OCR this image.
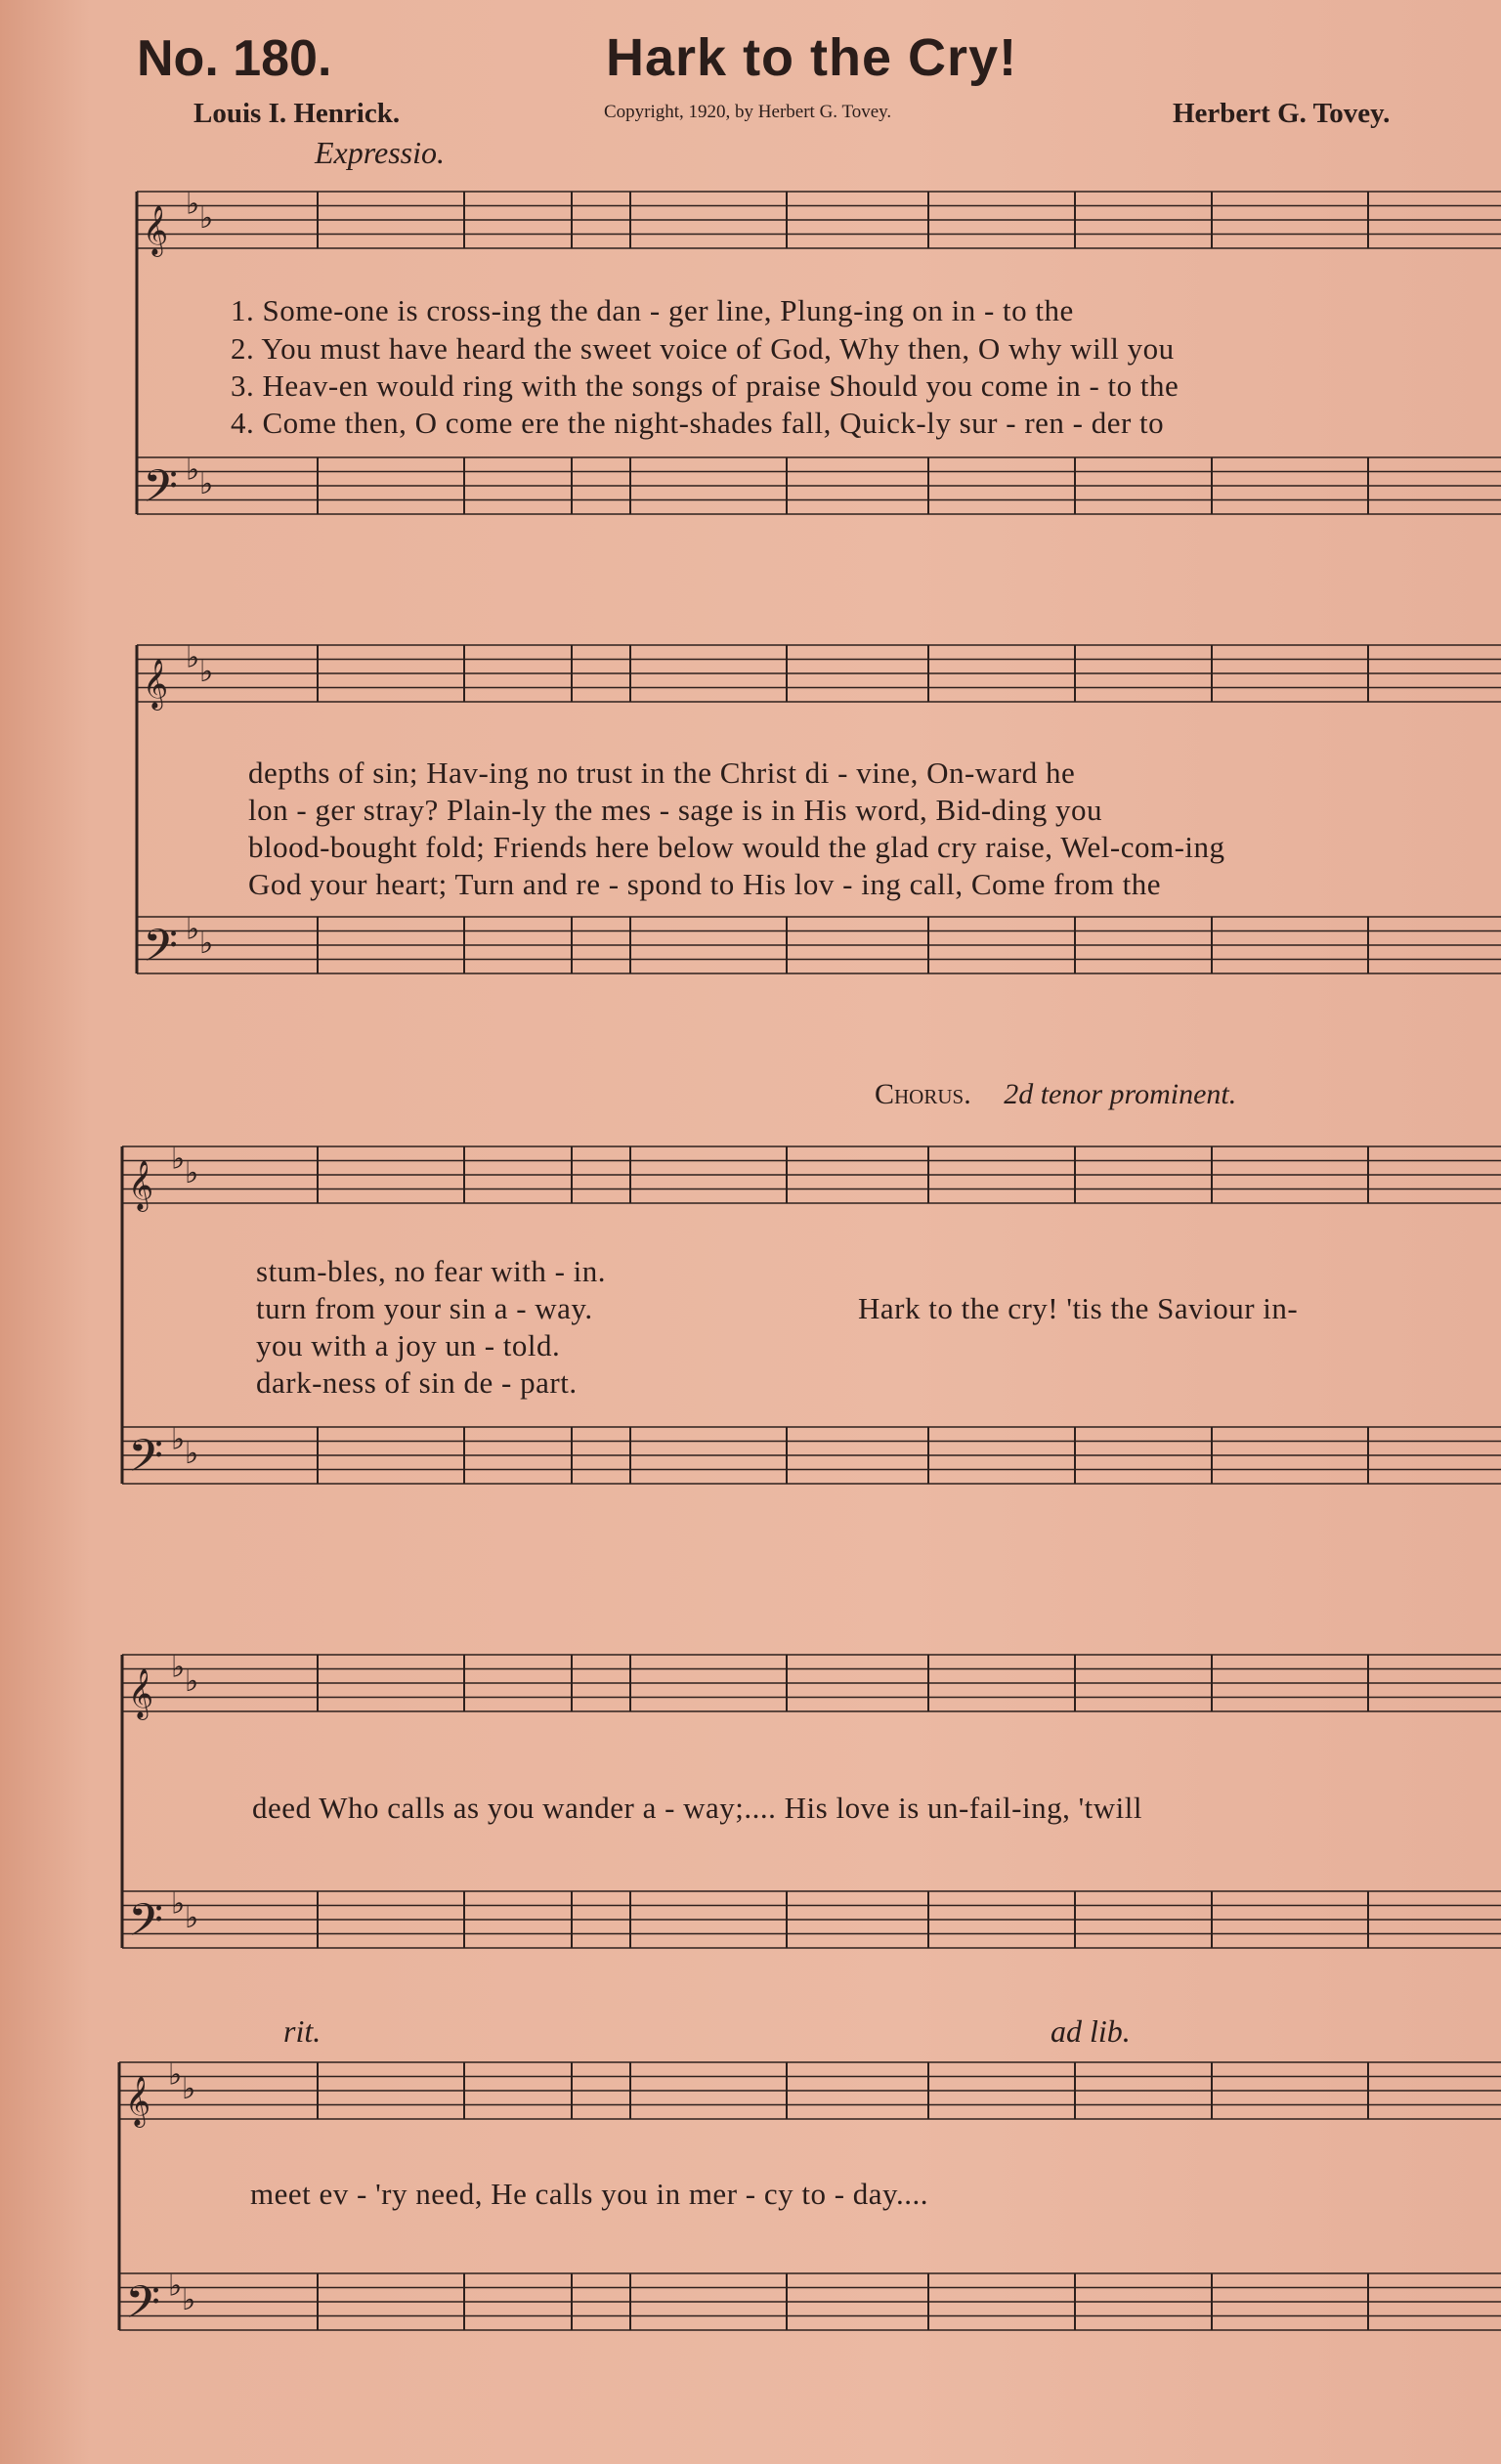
No. 180.	Hark to the Cry!
Louis I. Henrick.	Copyright, 1920, by Herbert G. Tovey.	Herbert G. Tovey.
Expressio.
Chorus. 2d tenor prominent.
rit.	ad lib.
𝄞
♭ ♭
𝄢 ♭ ♭
𝄞
♭ ♭
𝄢 ♭ ♭
𝄞
♭ ♭
𝄢 ♭ ♭
𝄞
♭ ♭
𝄢 ♭ ♭
𝄞
♭ ♭
𝄢 ♭ ♭
1. Some-one is cross-ing the dan - ger line, Plung-ing on in - to the
2. You must have heard the sweet voice of God, Why then, O why will you
3. Heav-en would ring with the songs of praise Should you come in - to the
4. Come then, O come ere the night-shades fall, Quick-ly sur - ren - der to
depths of sin; Hav-ing no trust in the Christ di - vine, On-ward he
lon - ger stray? Plain-ly the mes - sage is in His word, Bid-ding you
blood-bought fold; Friends here below would the glad cry raise, Wel-com-ing
God your heart; Turn and re - spond to His lov - ing call, Come from the
stum-bles, no fear with - in.
turn from your sin a - way.
you with a joy un - told.
dark-ness of sin de - part.
Hark to the cry! 'tis the Saviour in-
deed Who calls as you wander a - way;.... His love is un-fail-ing, 'twill
meet ev - 'ry need, He calls you in mer - cy to - day....
